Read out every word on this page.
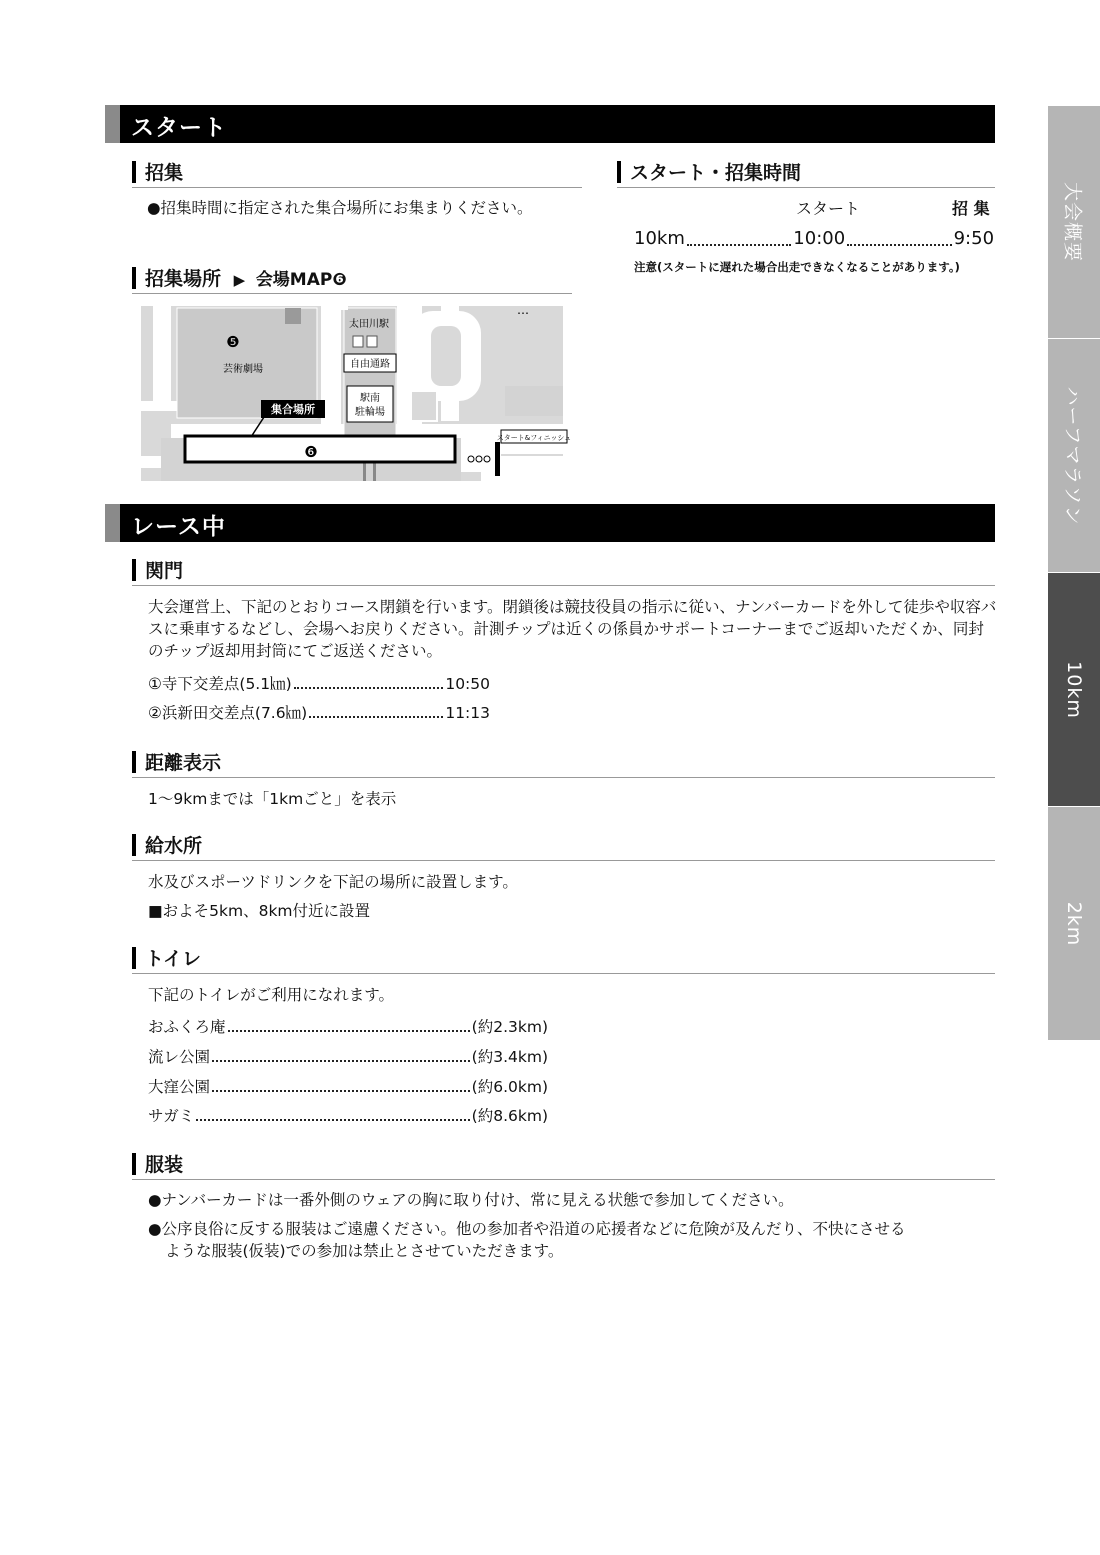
スタート
招集
●招集時間に指定された集合場所にお集まりください。
招集場所 ▶ 会場MAP❻
❺
芸術劇場
太田川駅
自由通路
駅南
駐輪場
集合場所
❻
スタート&フィニッシュ
…
スタート・招集時間
スタート	招 集
10km	10:00	9:50
注意(スタートに遅れた場合出走できなくなることがあります。)
レース中
関門
大会運営上、下記のとおりコース閉鎖を行います。閉鎖後は競技役員の指示に従い、ナンバーカードを外して徒歩や収容バスに乗車するなどし、会場へお戻りください。計測チップは近くの係員かサポートコーナーまでご返却いただくか、同封のチップ返却用封筒にてご返送ください。
①寺下交差点(5.1㎞)	10:50
②浜新田交差点(7.6㎞)	11:13
距離表示
1〜9kmまでは「1kmごと」を表示
給水所
水及びスポーツドリンクを下記の場所に設置します。
■およそ5km、8km付近に設置
トイレ
下記のトイレがご利用になれます。
おふくろ庵	(約2.3km)
流レ公園	(約3.4km)
大窪公園	(約6.0km)
サガミ	(約8.6km)
服装
●ナンバーカードは一番外側のウェアの胸に取り付け、常に見える状態で参加してください。
●公序良俗に反する服装はご遠慮ください。他の参加者や沿道の応援者などに危険が及んだり、不快にさせる
ような服装(仮装)での参加は禁止とさせていただきます。
大会概要
ハーフマラソン
10km
2km
